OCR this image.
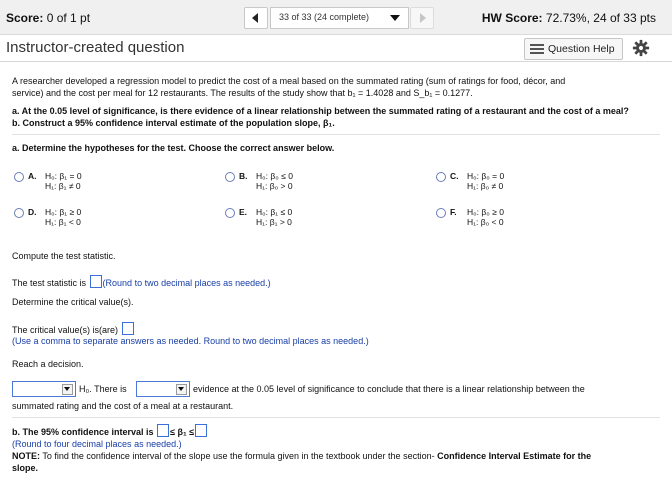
Score: 0 of 1 pt	33 of 33 (24 complete)	HW Score: 72.73%, 24 of 33 pts
Instructor-created question	Question Help
A researcher developed a regression model to predict the cost of a meal based on the summated rating (sum of ratings for food, décor, and
service) and the cost per meal for 12 restaurants. The results of the study show that b₁ = 1.4028 and S_b₁ = 0.1277.
a. At the 0.05 level of significance, is there evidence of a linear relationship between the summated rating of a restaurant and the cost of a meal?
b. Construct a 95% confidence interval estimate of the population slope, β₁.
a. Determine the hypotheses for the test. Choose the correct answer below.
A. H₀: β₁ = 0
H₁: β₁ ≠ 0
B. H₀: β₀ ≤ 0
H₁: β₀ > 0
C. H₀: β₀ = 0
H₁: β₀ ≠ 0
D. H₀: β₁ ≥ 0
H₁: β₁ < 0
E. H₀: β₁ ≤ 0
H₁: β₁ > 0
F. H₀: β₀ ≥ 0
H₁: β₀ < 0
Compute the test statistic.
The test statistic is (Round to two decimal places as needed.)
Determine the critical value(s).
The critical value(s) is(are)
(Use a comma to separate answers as needed. Round to two decimal places as needed.)
Reach a decision.
H₀. There is	evidence at the 0.05 level of significance to conclude that there is a linear relationship between the
summated rating and the cost of a meal at a restaurant.
b. The 95% confidence interval is ≤ β₁ ≤
(Round to four decimal places as needed.)
NOTE: To find the confidence interval of the slope use the formula given in the textbook under the section- Confidence Interval Estimate for the
slope.
